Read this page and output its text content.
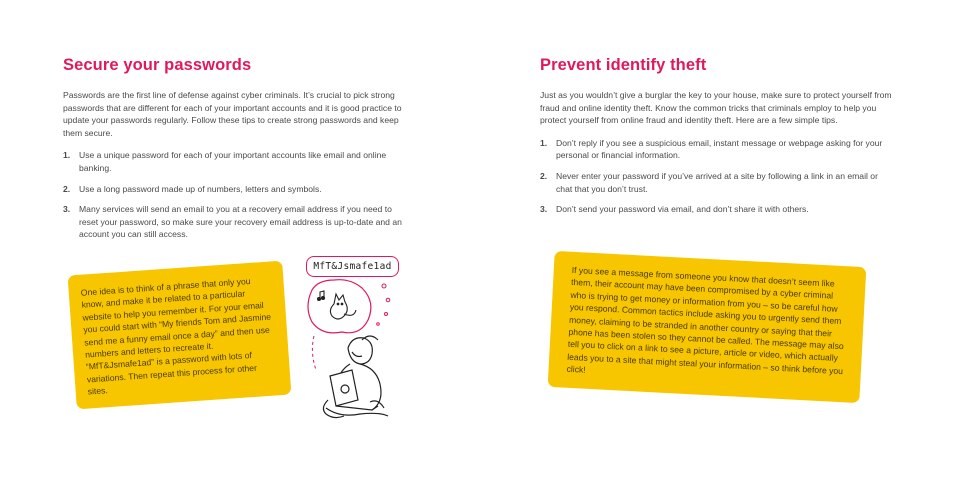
Secure your passwords

Passwords are the first line of defense against cyber criminals. It’s crucial to pick strong passwords that are different for each of your important accounts and it is good practice to update your passwords regularly. Follow these tips to create strong passwords and keep them secure.

1. Use a unique password for each of your important accounts like email and online banking.
2. Use a long password made up of numbers, letters and symbols.
3. Many services will send an email to you at a recovery email address if you need to reset your password, so make sure your recovery email address is up-to-date and an account you can still access.
One idea is to think of a phrase that only you know, and make it be related to a particular website to help you remember it. For your email you could start with “My friends Tom and Jasmine send me a funny email once a day” and then use numbers and letters to recreate it. “MfT&Jsmafe1ad” is a password with lots of variations. Then repeat this process for other sites.
MfT&Jsmafe1ad
Prevent identify theft

Just as you wouldn’t give a burglar the key to your house, make sure to protect yourself from fraud and online identity theft. Know the common tricks that criminals employ to help you protect yourself from online fraud and identity theft. Here are a few simple tips.

1. Don’t reply if you see a suspicious email, instant message or webpage asking for your personal or financial information.
2. Never enter your password if you’ve arrived at a site by following a link in an email or chat that you don’t trust.
3. Don’t send your password via email, and don’t share it with others.
If you see a message from someone you know that doesn’t seem like them, their account may have been compromised by a cyber criminal who is trying to get money or information from you – so be careful how you respond. Common tactics include asking you to urgently send them money, claiming to be stranded in another country or saying that their phone has been stolen so they cannot be called. The message may also tell you to click on a link to see a picture, article or video, which actually leads you to a site that might steal your information – so think before you click!
